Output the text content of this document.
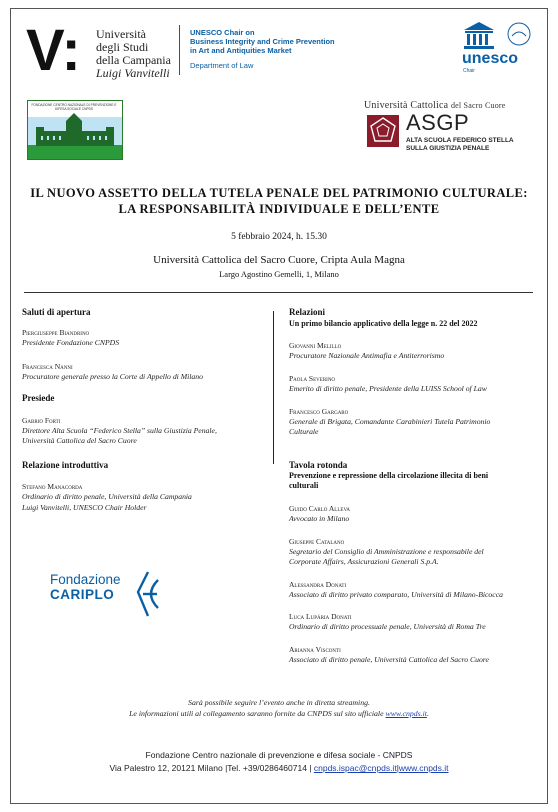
V: Università
degli Studi
della Campania
Luigi Vanvitelli
UNESCO Chair on
Business Integrity and Crime Prevention
in Art and Antiquities Market
Department of Law	unesco
Chair
FONDAZIONE CENTRO NAZIONALE DI PREVENZIONE E DIFESA SOCIALE CNPDS	Università Cattolica del Sacro Cuore
ASGP
ALTA SCUOLA FEDERICO STELLA
SULLA GIUSTIZIA PENALE
IL NUOVO ASSETTO DELLA TUTELA PENALE DEL PATRIMONIO CULTURALE:
LA RESPONSABILITÀ INDIVIDUALE E DELL’ENTE
5 febbraio 2024, h. 15.30
Università Cattolica del Sacro Cuore, Cripta Aula Magna
Largo Agostino Gemelli, 1, Milano
Saluti di apertura
Piergiuseppe Biandrino
Presidente Fondazione CNPDS
Francesca Nanni
Procuratore generale presso la Corte di Appello di Milano
Presiede
Gabrio Forti
Direttore Alta Scuola “Federico Stella” sulla Giustizia Penale,
Università Cattolica del Sacro Cuore
Relazione introduttiva
Stefano Manacorda
Ordinario di diritto penale, Università della Campania
Luigi Vanvitelli, UNESCO Chair Holder
Fondazione
CARIPLO
Relazioni
Un primo bilancio applicativo della legge n. 22 del 2022
Giovanni Melillo
Procuratore Nazionale Antimafia e Antiterrorismo
Paola Severino
Emerito di diritto penale, Presidente della LUISS School of Law
Francesco Gargaro
Generale di Brigata, Comandante Carabinieri Tutela Patrimonio
Culturale
Tavola rotonda
Prevenzione e repressione della circolazione illecita di beni
culturali
Guido Carlo Alleva
Avvocato in Milano
Giuseppe Catalano
Segretario del Consiglio di Amministrazione e responsabile del
Corporate Affairs, Assicurazioni Generali S.p.A.
Alessandra Donati
Associato di diritto privato comparato, Università di Milano-Bicocca
Luca Lupária Donati
Ordinario di diritto processuale penale, Università di Roma Tre
Arianna Visconti
Associato di diritto penale, Università Cattolica del Sacro Cuore
Sarà possibile seguire l’evento anche in diretta streaming.
Le informazioni utili al collegamento saranno fornite da CNPDS sul sito ufficiale www.cnpds.it.
Fondazione Centro nazionale di prevenzione e difesa sociale - CNPDS
Via Palestro 12, 20121 Milano |Tel. +39/0286460714 | cnpds.ispac@cnpds.it|www.cnpds.it
